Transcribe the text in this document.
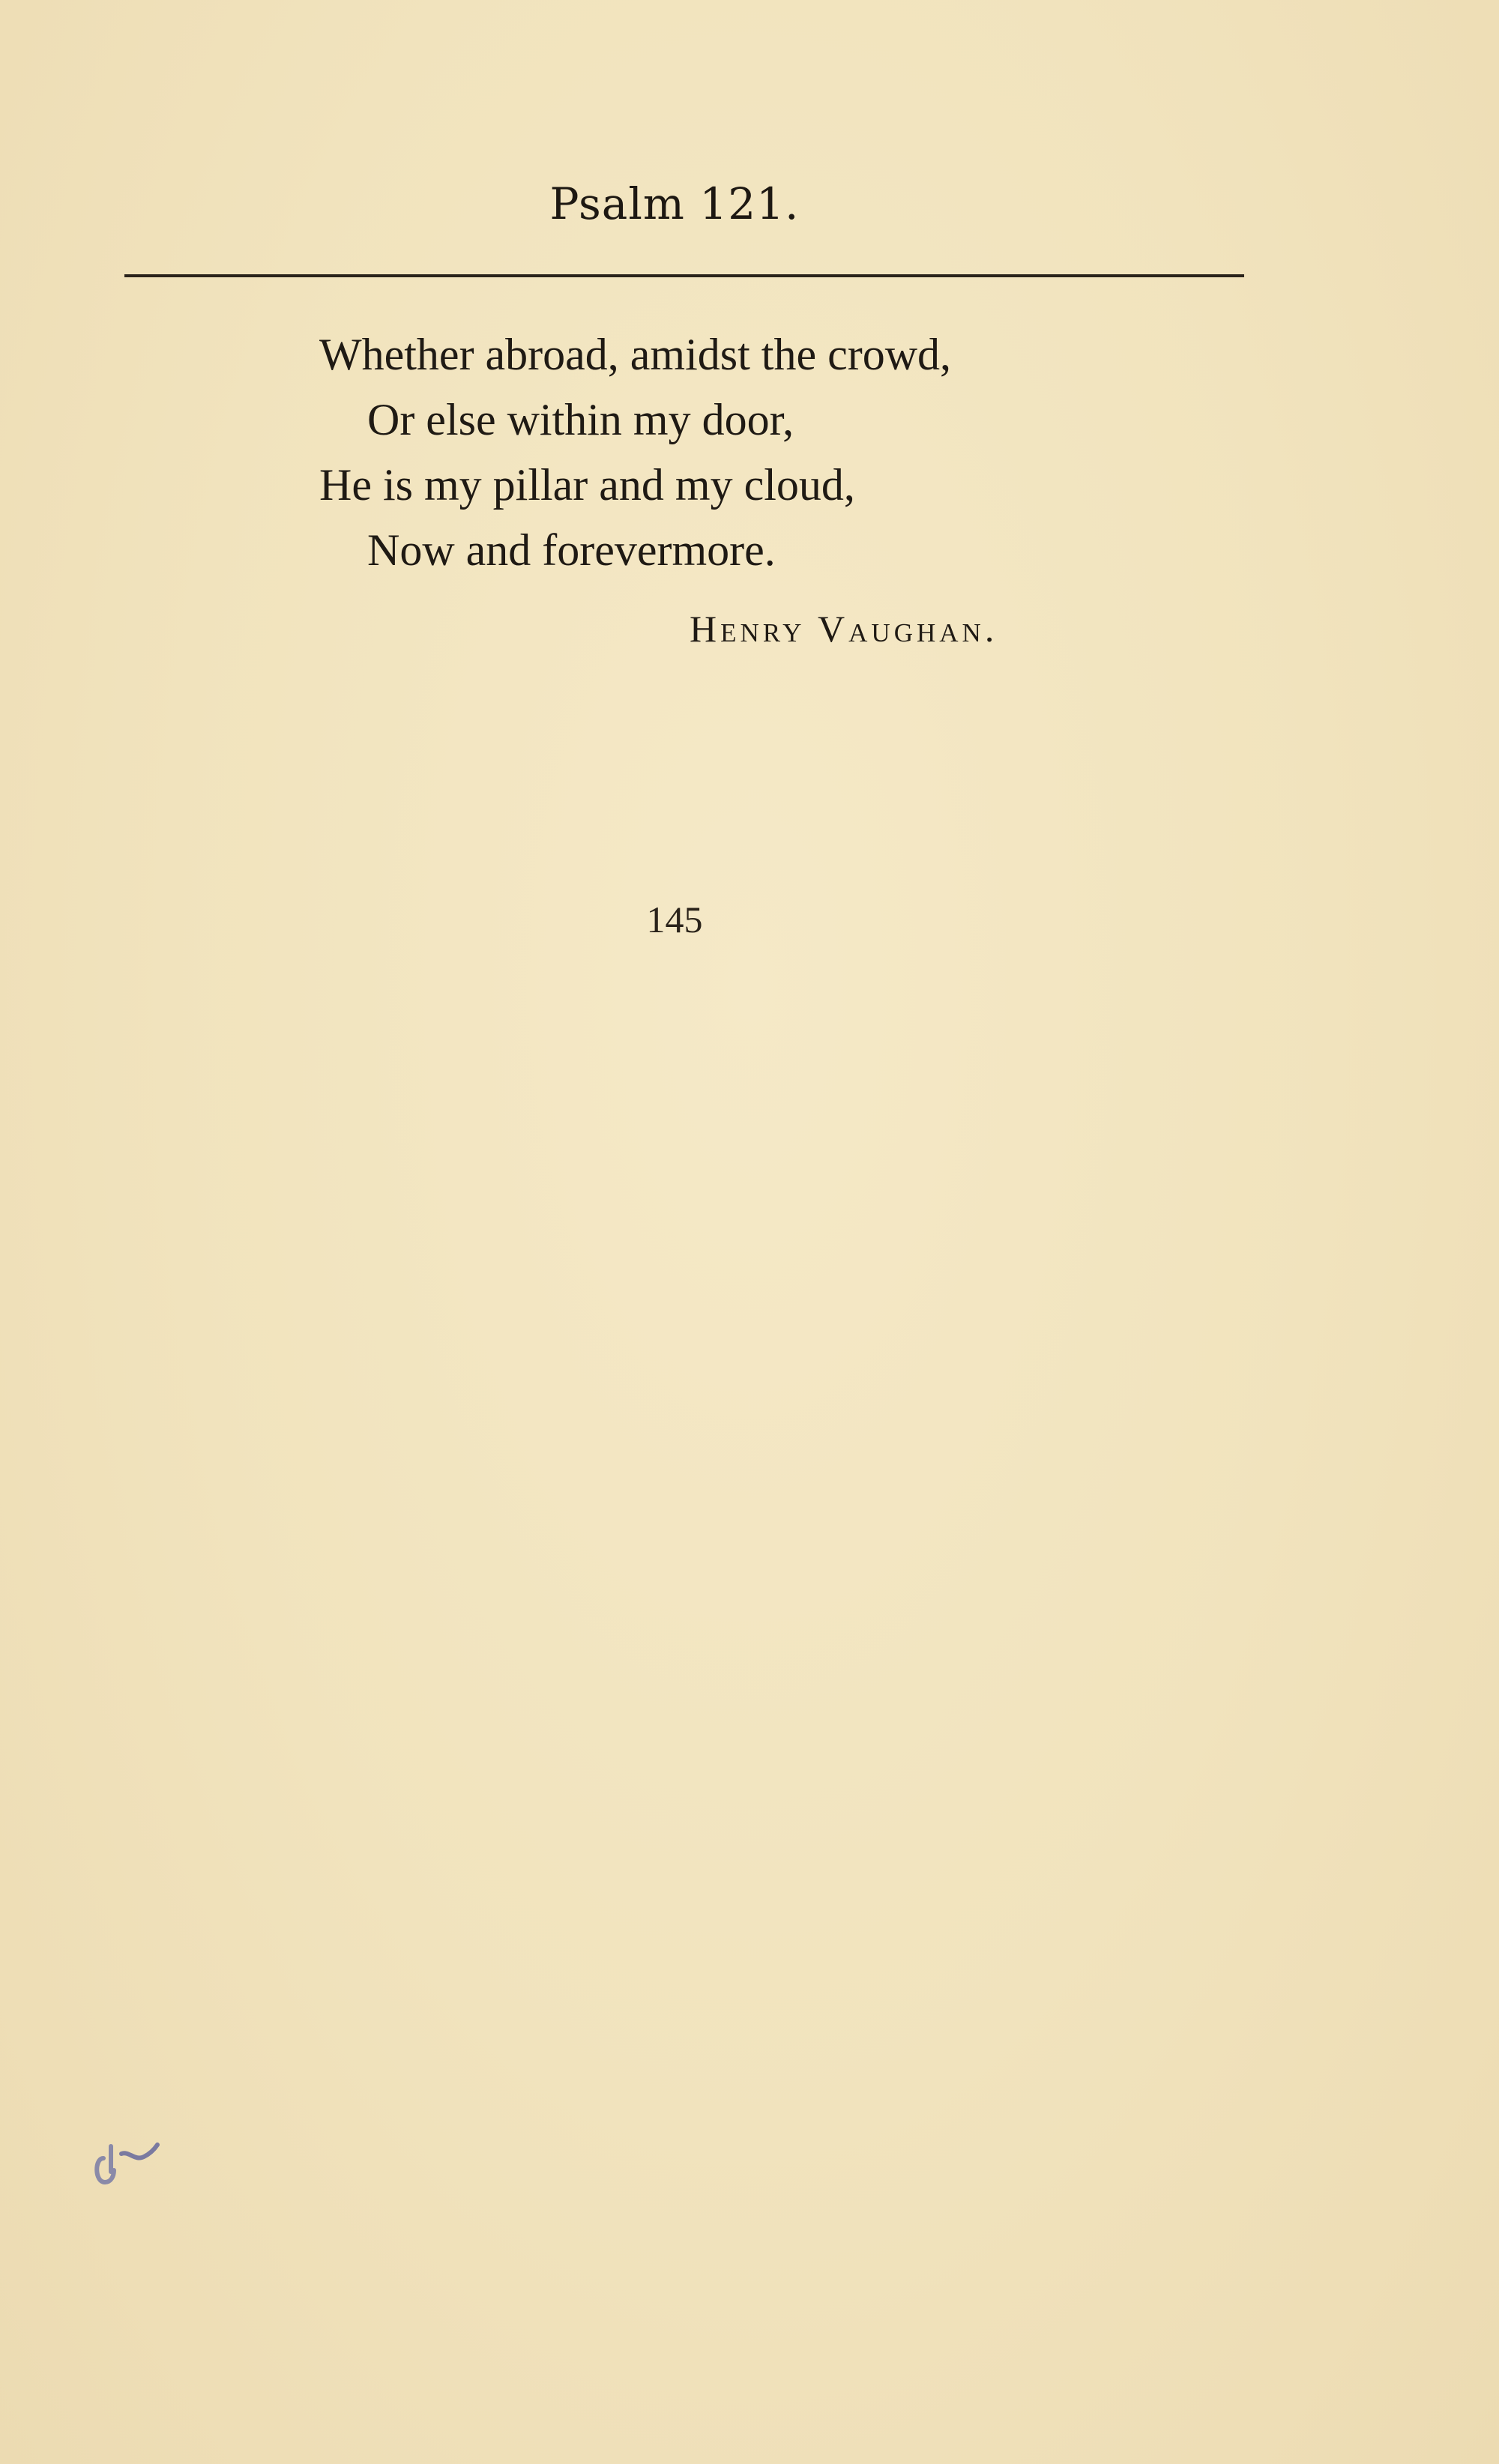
Psalm 121.
Whether abroad, amidst the crowd,
Or else within my door,
He is my pillar and my cloud,
Now and forevermore.
Henry Vaughan.
145
